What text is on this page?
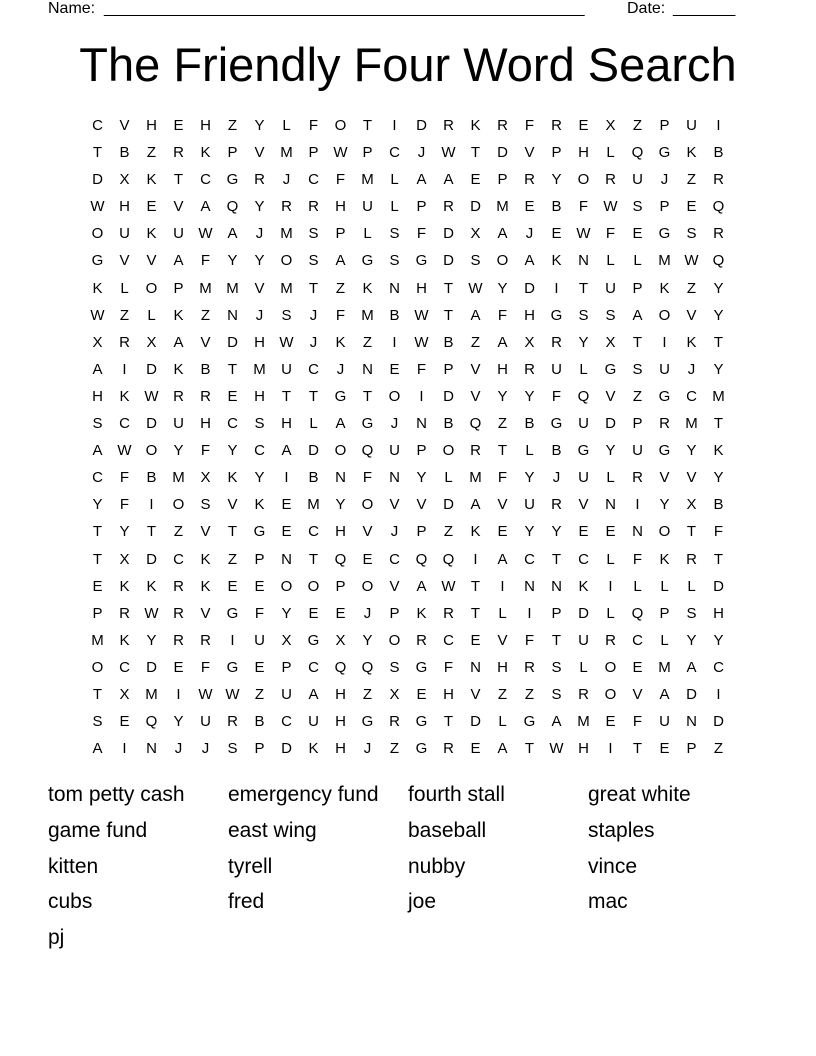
Name: ______________________________________________________	Date: _______
The Friendly Four Word Search
C	V	H	E	H	Z	Y	L	F	O	T	I	D	R	K	R	F	R	E	X	Z	P	U	I
T	B	Z	R	K	P	V	M	P W P	C	J	W	T	D	V	P	H	L	Q	G	K	B
D	X	K	T	C	G	R	J	C	F	M	L	A	A	E	P	R	Y	O	R	U	J	Z	R
W H	E	V	A	Q	Y	R	R	H	U	L	P	R	D	M	E	B	F	W S	P	E	Q
O	U	K	U W A	J	M	S	P	L	S	F	D	X	A	J	E W	F	E	G	S	R
G	V	V	A	F	Y	Y	O	S	A	G	S	G	D	S	O	A	K	N	L	L	M W Q
K	L	O	P	M M	V	M	T	Z	K	N	H	T	W Y	D	I	T	U	P	K	Z	Y
W	Z	L	K	Z	N	J	S	J	F	M	B W	T	A	F	H	G	S	S	A	O	V	Y
X	R	X	A	V	D	H W	J	K	Z	I	W B	Z	A	X	R	Y	X	T	I	K	T
A	I	D	K	B	T	M	U	C	J	N	E	F	P	V	H	R	U	L	G	S	U	J	Y
H	K W R	R	E	H	T	T	G	T	O	I	D	V	Y	Y	F	Q	V	Z	G	C	M
S	C	D	U	H	C	S	H	L	A	G	J	N	B	Q	Z	B	G	U	D	P	R	M	T
A W O	Y	F	Y	C	A	D	O	Q	U	P	O	R	T	L	B	G	Y	U	G	Y	K
C	F	B	M	X	K	Y	I	B	N	F	N	Y	L	M	F	Y	J	U	L	R	V	V	Y
Y	F	I	O	S	V	K	E	M	Y	O	V	V	D	A	V	U	R	V	N	I	Y	X	B
T	Y	T	Z	V	T	G	E	C	H	V	J	P	Z	K	E	Y	Y	E	E	N	O	T	F
T	X	D	C	K	Z	P	N	T	Q	E	C	Q	Q	I	A	C	T	C	L	F	K	R	T
E	K	K	R	K	E	E	O	O	P	O	V	A W	T	I	N	N	K	I	L	L	L	D
P	R W R	V	G	F	Y	E	E	J	P	K	R	T	L	I	P	D	L	Q	P	S	H
M	K	Y	R	R	I	U	X	G	X	Y	O	R	C	E	V	F	T	U	R	C	L	Y	Y
O	C	D	E	F	G	E	P	C	Q	Q	S	G	F	N	H	R	S	L	O	E	M	A	C
T	X	M	I	W W	Z	U	A	H	Z	X	E	H	V	Z	Z	S	R	O	V	A	D	I
S	E	Q	Y	U	R	B	C	U	H	G	R	G	T	D	L	G	A	M	E	F	U	N	D
A	I	N	J	J	S	P	D	K	H	J	Z	G	R	E	A	T	W H	I	T	E	P	Z
tom petty cash	emergency fund	fourth stall	great white
game fund	east wing	baseball	staples
kitten	tyrell	nubby	vince
cubs	fred	joe	mac
pj
